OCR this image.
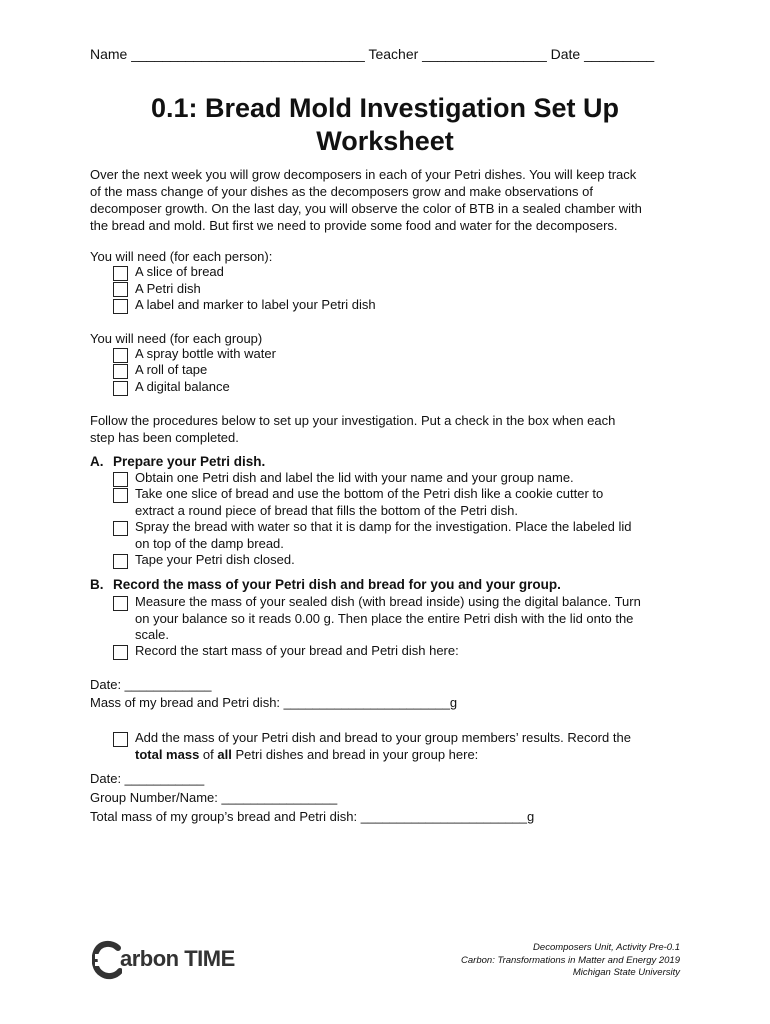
Name ______________________________ Teacher ________________ Date _________
0.1: Bread Mold Investigation Set Up
Worksheet
Over the next week you will grow decomposers in each of your Petri dishes. You will keep track
of the mass change of your dishes as the decomposers grow and make observations of
decomposer growth. On the last day, you will observe the color of BTB in a sealed chamber with
the bread and mold. But first we need to provide some food and water for the decomposers.
You will need (for each person):
A slice of bread
A Petri dish
A label and marker to label your Petri dish
You will need (for each group)
A spray bottle with water
A roll of tape
A digital balance
Follow the procedures below to set up your investigation. Put a check in the box when each
step has been completed.
A. Prepare your Petri dish.
Obtain one Petri dish and label the lid with your name and your group name.
Take one slice of bread and use the bottom of the Petri dish like a cookie cutter to
extract a round piece of bread that fills the bottom of the Petri dish.
Spray the bread with water so that it is damp for the investigation. Place the labeled lid
on top of the damp bread.
Tape your Petri dish closed.
B. Record the mass of your Petri dish and bread for you and your group.
Measure the mass of your sealed dish (with bread inside) using the digital balance. Turn
on your balance so it reads 0.00 g. Then place the entire Petri dish with the lid onto the
scale.
Record the start mass of your bread and Petri dish here:
Date: ____________
Mass of my bread and Petri dish: _______________________g
Add the mass of your Petri dish and bread to your group members’ results. Record the
total mass of all Petri dishes and bread in your group here:
Date: ___________
Group Number/Name: ________________
Total mass of my group’s bread and Petri dish: _______________________g
arbon TIME	Decomposers Unit, Activity Pre-0.1
Carbon: Transformations in Matter and Energy 2019
Michigan State University
